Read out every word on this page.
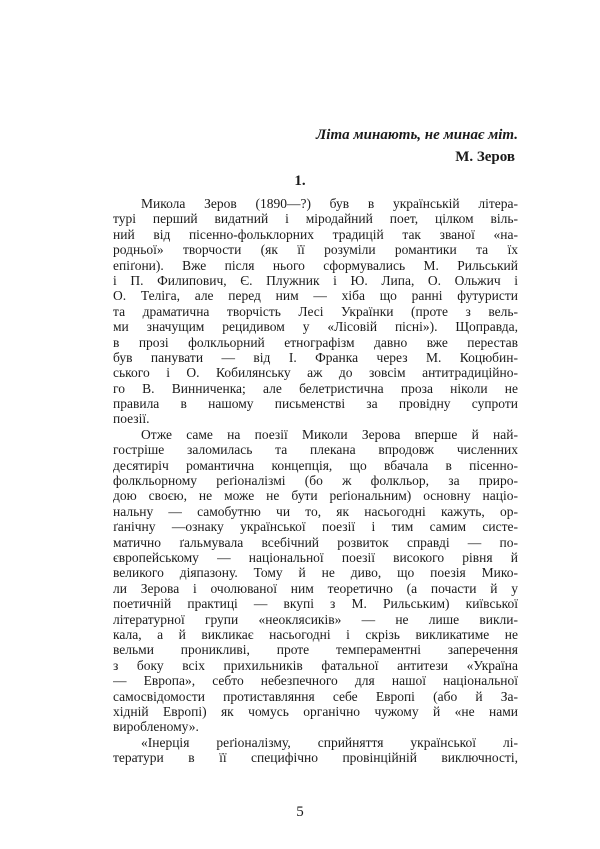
Літа минають, не минає міт.
М. Зеров
1.
Микола Зеров (1890—?) був в українській літера-
турі перший видатний і міродайний поет, цілком віль-
ний від пісенно-фольклорних традицій так званої «на-
родньої» творчости (як її розуміли романтики та їх
епіґони). Вже після нього сформувались М. Рильський
і П. Филипович, Є. Плужник і Ю. Липа, О. Ольжич і
О. Теліга, але перед ним — хіба що ранні футуристи
та драматична творчість Лесі Українки (проте з вель-
ми значущим рецидивом у «Лісовій пісні»). Щоправда,
в прозі фолкльорний етнографізм давно вже перестав
був панувати — від І. Франка через М. Коцюбин-
ського і О. Кобилянську аж до зовсім антитрадиційно-
го В. Винниченка; але белетристична проза ніколи не
правила в нашому письменстві за провідну супроти
поезії.
Отже саме на поезії Миколи Зерова вперше й най-
гостріше заломилась та плекана впродовж численних
десятиріч романтична концепція, що вбачала в пісенно-
фолкльорному реґіоналізмі (бо ж фолкльор, за приро-
дою своєю, не може не бути реґіональним) основну націо-
нальну — самобутню чи то, як насьогодні кажуть, ор-
ґанічну —ознаку української поезії і тим самим систе-
матично ґальмувала всебічний розвиток справді — по-
європейському — національної поезії високого рівня й
великого діяпазону. Тому й не диво, що поезія Мико-
ли Зерова і очолюваної ним теоретично (а почасти й у
поетичній практиці — вкупі з М. Рильським) київської
літературної групи «неоклясиків» — не лише викли-
кала, а й викликає насьогодні і скрізь викликатиме не
вельми проникливі, проте темпераментні заперечення
з боку всіх прихильників фатальної антитези «Україна
— Европа», себто небезпечного для нашої національної
самосвідомости протиставляння себе Европі (або й За-
хідній Европі) як чомусь органічно чужому й «не нами
виробленому».
«Інерція реґіоналізму, сприйняття української лі-
тератури в її специфічно провінційній виключності,
5
